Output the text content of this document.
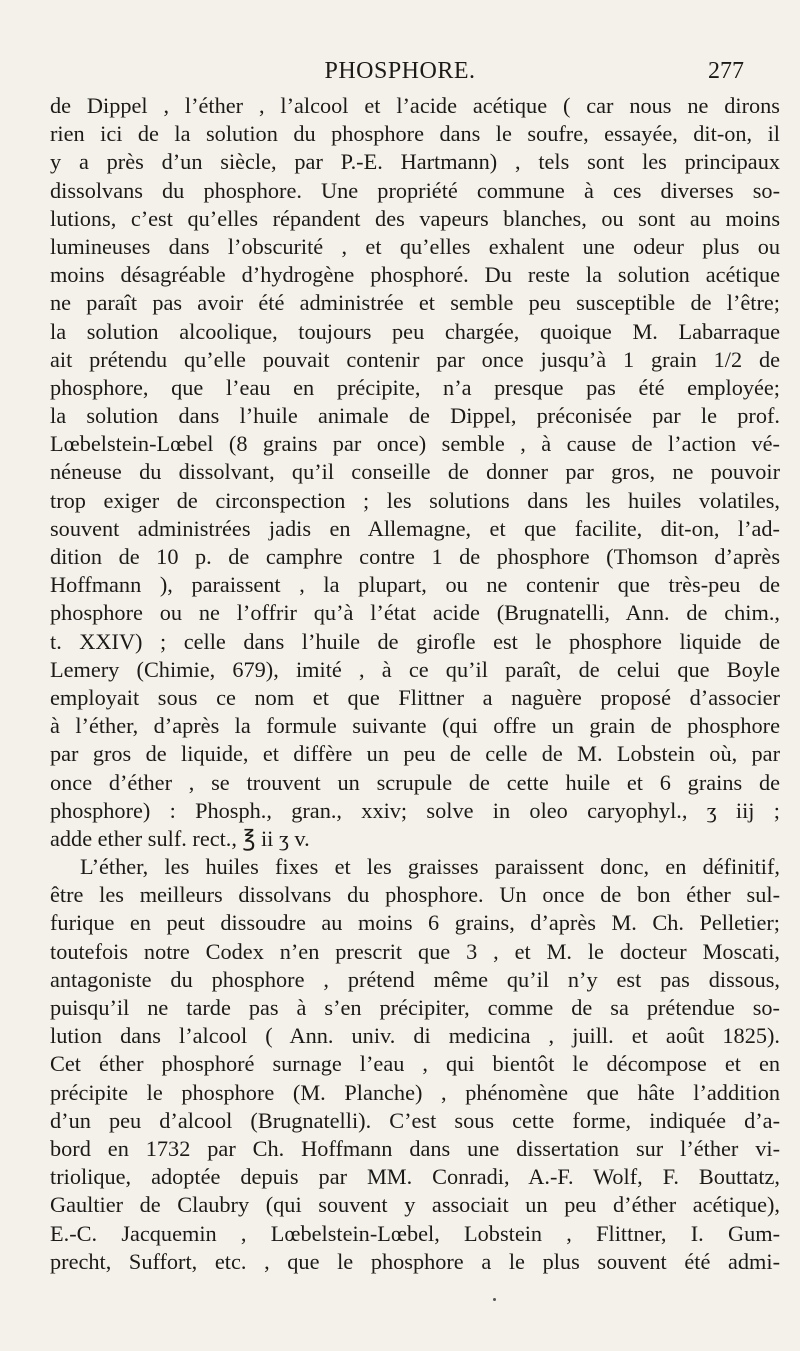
PHOSPHORE.	277
de Dippel , l’éther , l’alcool et l’acide acétique ( car nous ne dirons
rien ici de la solution du phosphore dans le soufre, essayée, dit-on, il
y a près d’un siècle, par P.-E. Hartmann) , tels sont les principaux
dissolvans du phosphore. Une propriété commune à ces diverses so-
lutions, c’est qu’elles répandent des vapeurs blanches, ou sont au moins
lumineuses dans l’obscurité , et qu’elles exhalent une odeur plus ou
moins désagréable d’hydrogène phosphoré. Du reste la solution acétique
ne paraît pas avoir été administrée et semble peu susceptible de l’être;
la solution alcoolique, toujours peu chargée, quoique M. Labarraque
ait prétendu qu’elle pouvait contenir par once jusqu’à 1 grain 1/2 de
phosphore, que l’eau en précipite, n’a presque pas été employée;
la solution dans l’huile animale de Dippel, préconisée par le prof.
Lœbelstein-Lœbel (8 grains par once) semble , à cause de l’action vé-
néneuse du dissolvant, qu’il conseille de donner par gros, ne pouvoir
trop exiger de circonspection ; les solutions dans les huiles volatiles,
souvent administrées jadis en Allemagne, et que facilite, dit-on, l’ad-
dition de 10 p. de camphre contre 1 de phosphore (Thomson d’après
Hoffmann ), paraissent , la plupart, ou ne contenir que très-peu de
phosphore ou ne l’offrir qu’à l’état acide (Brugnatelli, Ann. de chim.,
t. XXIV) ; celle dans l’huile de girofle est le phosphore liquide de
Lemery (Chimie, 679), imité , à ce qu’il paraît, de celui que Boyle
employait sous ce nom et que Flittner a naguère proposé d’associer
à l’éther, d’après la formule suivante (qui offre un grain de phosphore
par gros de liquide, et diffère un peu de celle de M. Lobstein où, par
once d’éther , se trouvent un scrupule de cette huile et 6 grains de
phosphore) : Phosph., gran., xxiv; solve in oleo caryophyl., ʒ iij ;
adde ether sulf. rect., ℥ ii ʒ v.
L’éther, les huiles fixes et les graisses paraissent donc, en définitif,
être les meilleurs dissolvans du phosphore. Un once de bon éther sul-
furique en peut dissoudre au moins 6 grains, d’après M. Ch. Pelletier;
toutefois notre Codex n’en prescrit que 3 , et M. le docteur Moscati,
antagoniste du phosphore , prétend même qu’il n’y est pas dissous,
puisqu’il ne tarde pas à s’en précipiter, comme de sa prétendue so-
lution dans l’alcool ( Ann. univ. di medicina , juill. et août 1825).
Cet éther phosphoré surnage l’eau , qui bientôt le décompose et en
précipite le phosphore (M. Planche) , phénomène que hâte l’addition
d’un peu d’alcool (Brugnatelli). C’est sous cette forme, indiquée d’a-
bord en 1732 par Ch. Hoffmann dans une dissertation sur l’éther vi-
triolique, adoptée depuis par MM. Conradi, A.-F. Wolf, F. Bouttatz,
Gaultier de Claubry (qui souvent y associait un peu d’éther acétique),
E.-C. Jacquemin , Lœbelstein-Lœbel, Lobstein , Flittner, I. Gum-
precht, Suffort, etc. , que le phosphore a le plus souvent été admi-
